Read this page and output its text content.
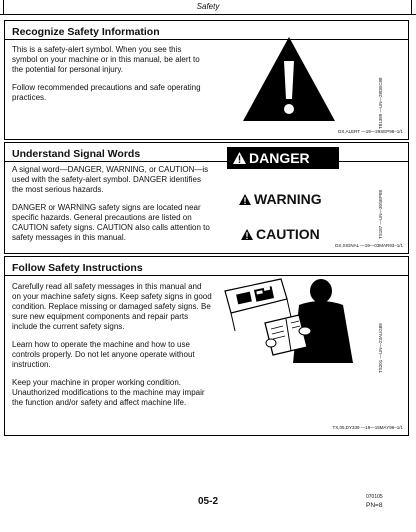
Safety
Recognize Safety Information

This is a safety-alert symbol. When you see this symbol on your machine or in this manual, be alert to the potential for personal injury.

Follow recommended precautions and safe operating practices.	T81389 —UN—28DEC88
DX,ALERT —19—29SEP98–1/1
Understand Signal Words

A signal word—DANGER, WARNING, or CAUTION—is used with the safety-alert symbol. DANGER identifies the most serious hazards.

DANGER or WARNING safety signs are located near specific hazards. General precautions are listed on CAUTION safety signs. CAUTION also calls attention to safety messages in this manual.

DANGER
WARNING
CAUTION	TS187 —UN—30SEP88
DX,SIGNAL —19—03MAR93–1/1
Follow Safety Instructions

Carefully read all safety messages in this manual and on your machine safety signs. Keep safety signs in good condition. Replace missing or damaged safety signs. Be sure new equipment components and repair parts include the current safety signs.

Learn how to operate the machine and how to use controls properly. Do not let anyone operate without instruction.

Keep your machine in proper working condition. Unauthorized modifications to the machine may impair the function and/or safety and affect machine life.

TS201 —UN—23AUG88
TX,05,DY339 —19—15MAY96–1/1
05-2	070105
PN=8
